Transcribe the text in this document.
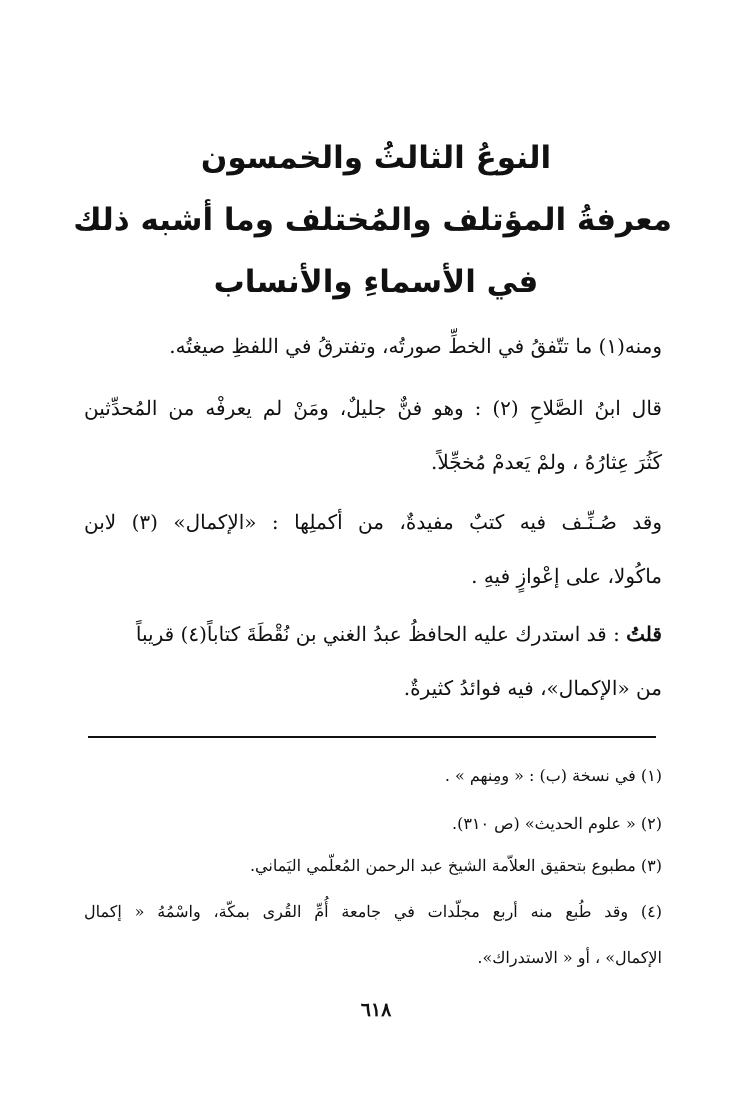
النوعُ الثالثُ والخمسون
معرفةُ المؤتلف والمُختلف وما أشبه ذلك
في الأسماءِ والأنساب
ومنه(١) ما تتّفقُ في الخطِّ صورتُه، وتفترقُ في اللفظِ صيغتُه.
قال ابنُ الصَّلاحِ (٢) : وهو فنٌّ جليلٌ، ومَنْ لم يعرفْه من المُحدِّثين
كَثُرَ عِثارُهُ ، ولمْ يَعدمْ مُخجِّلاً.
وقد صُـنِّـف فيه كتبٌ مفيدةٌ، من أكملِها : «الإكمال» (٣) لابن
ماكُولا، على إعْوازٍ فيهِ .
قلتُ : قد استدرك عليه الحافظُ عبدُ الغني بن نُقْطَةَ كتاباً(٤) قريباً
من «الإكمال»، فيه فوائدُ كثيرةٌ.
(١) في نسخة (ب) : « ومِنهم » .
(٢) « علوم الحديث» (ص ٣١٠).
(٣) مطبوع بتحقيق العلاّمة الشيخ عبد الرحمن المُعلّمي اليَماني.
(٤) وقد طُبع منه أربع مجلّدات في جامعة أُمِّ القُرى بمكّة، واسْمُهُ « إكمال
الإكمال» ، أو « الاستدراك».
٦١٨
